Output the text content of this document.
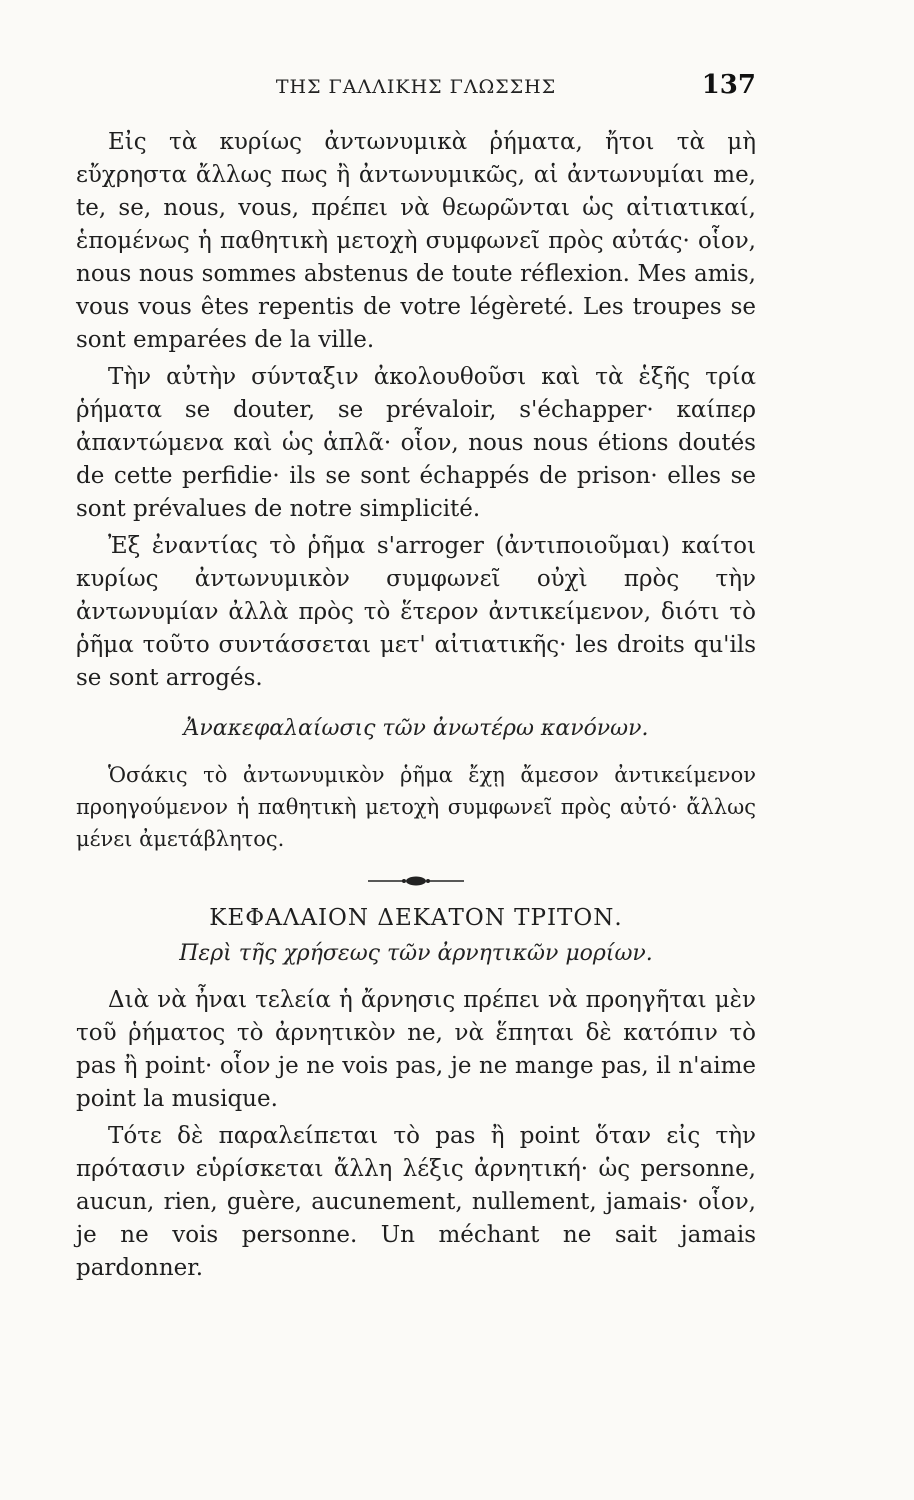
ΤΗΣ ΓΑΛΛΙΚΗΣ ΓΛΩΣΣΗΣ	137

Εἰς τὰ κυρίως ἀντωνυμικὰ ῥήματα, ἤτοι τὰ μὴ εὔχρηστα ἄλλως πως ἢ ἀντωνυμικῶς, αἱ ἀντωνυμίαι me, te, se, nous, vous, πρέπει νὰ θεωρῶνται ὡς αἰτιατικαί, ἑπομένως ἡ παθητικὴ μετοχὴ συμφωνεῖ πρὸς αὐτάς· οἷον, nous nous sommes abstenus de toute réflexion. Mes amis, vous vous êtes repentis de votre légèreté. Les troupes se sont emparées de la ville.

Τὴν αὐτὴν σύνταξιν ἀκολουθοῦσι καὶ τὰ ἑξῆς τρία ῥήματα se douter, se prévaloir, s'échapper· καίπερ ἀπαντώμενα καὶ ὡς ἁπλᾶ· οἷον, nous nous étions doutés de cette perfidie· ils se sont échappés de prison· elles se sont prévalues de notre simplicité.

Ἐξ ἐναντίας τὸ ῥῆμα s'arroger (ἀντιποιοῦμαι) καίτοι κυρίως ἀντωνυμικὸν συμφωνεῖ οὐχὶ πρὸς τὴν ἀντωνυμίαν ἀλλὰ πρὸς τὸ ἕτερον ἀντικείμενον, διότι τὸ ῥῆμα τοῦτο συντάσσεται μετ' αἰτιατικῆς· les droits qu'ils se sont arrogés.

Ἀνακεφαλαίωσις τῶν ἀνωτέρω κανόνων.

Ὁσάκις τὸ ἀντωνυμικὸν ῥῆμα ἔχῃ ἄμεσον ἀντικείμενον προηγούμενον ἡ παθητικὴ μετοχὴ συμφωνεῖ πρὸς αὐτό· ἄλλως μένει ἀμετάβλητος.

ΚΕΦΑΛΑΙΟΝ ΔΕΚΑΤΟΝ ΤΡΙΤΟΝ.
Περὶ τῆς χρήσεως τῶν ἀρνητικῶν μορίων.

Διὰ νὰ ἦναι τελεία ἡ ἄρνησις πρέπει νὰ προηγῆται μὲν τοῦ ῥήματος τὸ ἀρνητικὸν ne, νὰ ἕπηται δὲ κατόπιν τὸ pas ἢ point· οἷον je ne vois pas, je ne mange pas, il n'aime point la musique.

Τότε δὲ παραλείπεται τὸ pas ἢ point ὅταν εἰς τὴν πρότασιν εὑρίσκεται ἄλλη λέξις ἀρνητική· ὡς personne, aucun, rien, guère, aucunement, nullement, jamais· οἷον, je ne vois personne. Un méchant ne sait jamais pardonner.
